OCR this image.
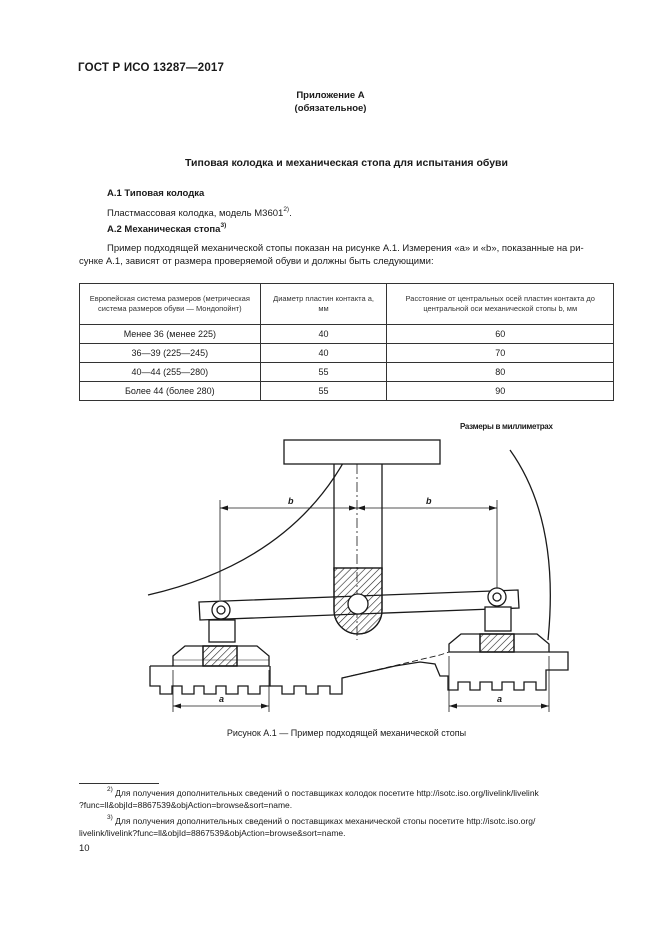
ГОСТ Р ИСО 13287—2017
Приложение А
(обязательное)
Типовая колодка и механическая стопа для испытания обуви
А.1 Типовая колодка
Пластмассовая колодка, модель М3601$^{2)}$.
А.2 Механическая стопа$^{3)}$
Пример подходящей механической стопы показан на рисунке А.1. Измерения «a» и «b», показанные на ри-
сунке А.1, зависят от размера проверяемой обуви и должны быть следующими:
Европейская система размеров (метрическая система размеров обуви — Мондопойнт)	Диаметр пластин контакта a, мм	Расстояние от центральных осей пластин контакта до центральной оси механической стопы b, мм
Менее 36 (менее 225)	40	60
36—39 (225—245)	40	70
40—44 (255—280)	55	80
Более 44 (более 280)	55	90
Размеры в миллиметрах
b	b
a	a
Рисунок А.1 — Пример подходящей механической стопы
$^{2)}$ Для получения дополнительных сведений о поставщиках колодок посетите http://isotc.iso.org/livelink/livelink
?func=ll&objId=8867539&objAction=browse&sort=name.
$^{3)}$ Для получения дополнительных сведений о поставщиках механической стопы посетите http://isotc.iso.org/
livelink/livelink?func=ll&objId=8867539&objAction=browse&sort=name.
10
